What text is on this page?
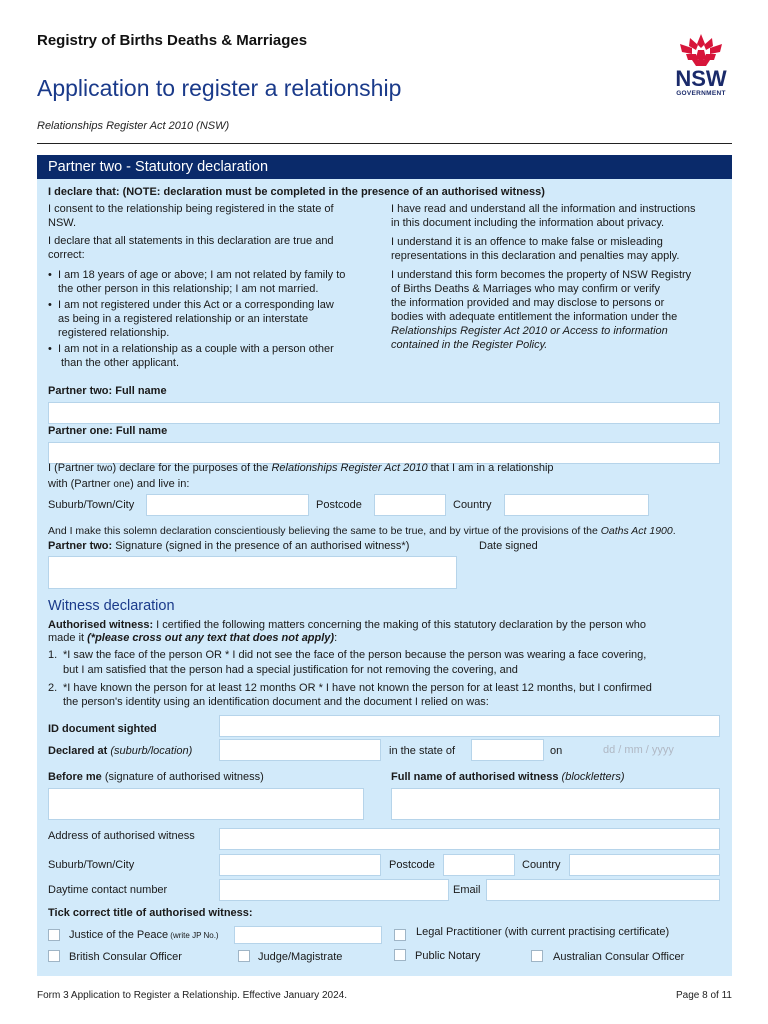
Registry of Births Deaths & Marriages
Application to register a relationship
Relationships Register Act 2010 (NSW)
NSW
GOVERNMENT
Partner two - Statutory declaration
I declare that: (NOTE: declaration must be completed in the presence of an authorised witness)
I consent to the relationship being registered in the state of
NSW.
I declare that all statements in this declaration are true and
correct:
• I am 18 years of age or above; I am not related by family to
the other person in this relationship; I am not married.
• I am not registered under this Act or a corresponding law
as being in a registered relationship or an interstate
registered relationship.
• I am not in a relationship as a couple with a person other
than the other applicant.
I have read and understand all the information and instructions
in this document including the information about privacy.
I understand it is an offence to make false or misleading
representations in this declaration and penalties may apply.
I understand this form becomes the property of NSW Registry
of Births Deaths & Marriages who may confirm or verify
the information provided and may disclose to persons or
bodies with adequate entitlement the information under the
Relationships Register Act 2010 or Access to information
contained in the Register Policy.
Partner two: Full name
Partner one: Full name
I (Partner two) declare for the purposes of the Relationships Register Act 2010 that I am in a relationship
with (Partner one) and live in:
Suburb/Town/City	Postcode	Country
And I make this solemn declaration conscientiously believing the same to be true, and by virtue of the provisions of the Oaths Act 1900.
Partner two: Signature (signed in the presence of an authorised witness*)	Date signed
Witness declaration
Authorised witness: I certified the following matters concerning the making of this statutory declaration by the person who
made it (*please cross out any text that does not apply):
1. *I saw the face of the person OR * I did not see the face of the person because the person was wearing a face covering,
but I am satisfied that the person had a special justification for not removing the covering, and
2. *I have known the person for at least 12 months OR * I have not known the person for at least 12 months, but I confirmed
the person's identity using an identification document and the document I relied on was:
ID document sighted
Declared at (suburb/location)	in the state of	on	dd / mm / yyyy
Before me (signature of authorised witness)	Full name of authorised witness (blockletters)
Address of authorised witness
Suburb/Town/City	Postcode	Country
Daytime contact number	Email
Tick correct title of authorised witness:
Justice of the Peace (write JP No.)	Legal Practitioner (with current practising certificate)
British Consular Officer	Judge/Magistrate	Public Notary	Australian Consular Officer
Form 3 Application to Register a Relationship. Effective January 2024.	Page 8 of 11
